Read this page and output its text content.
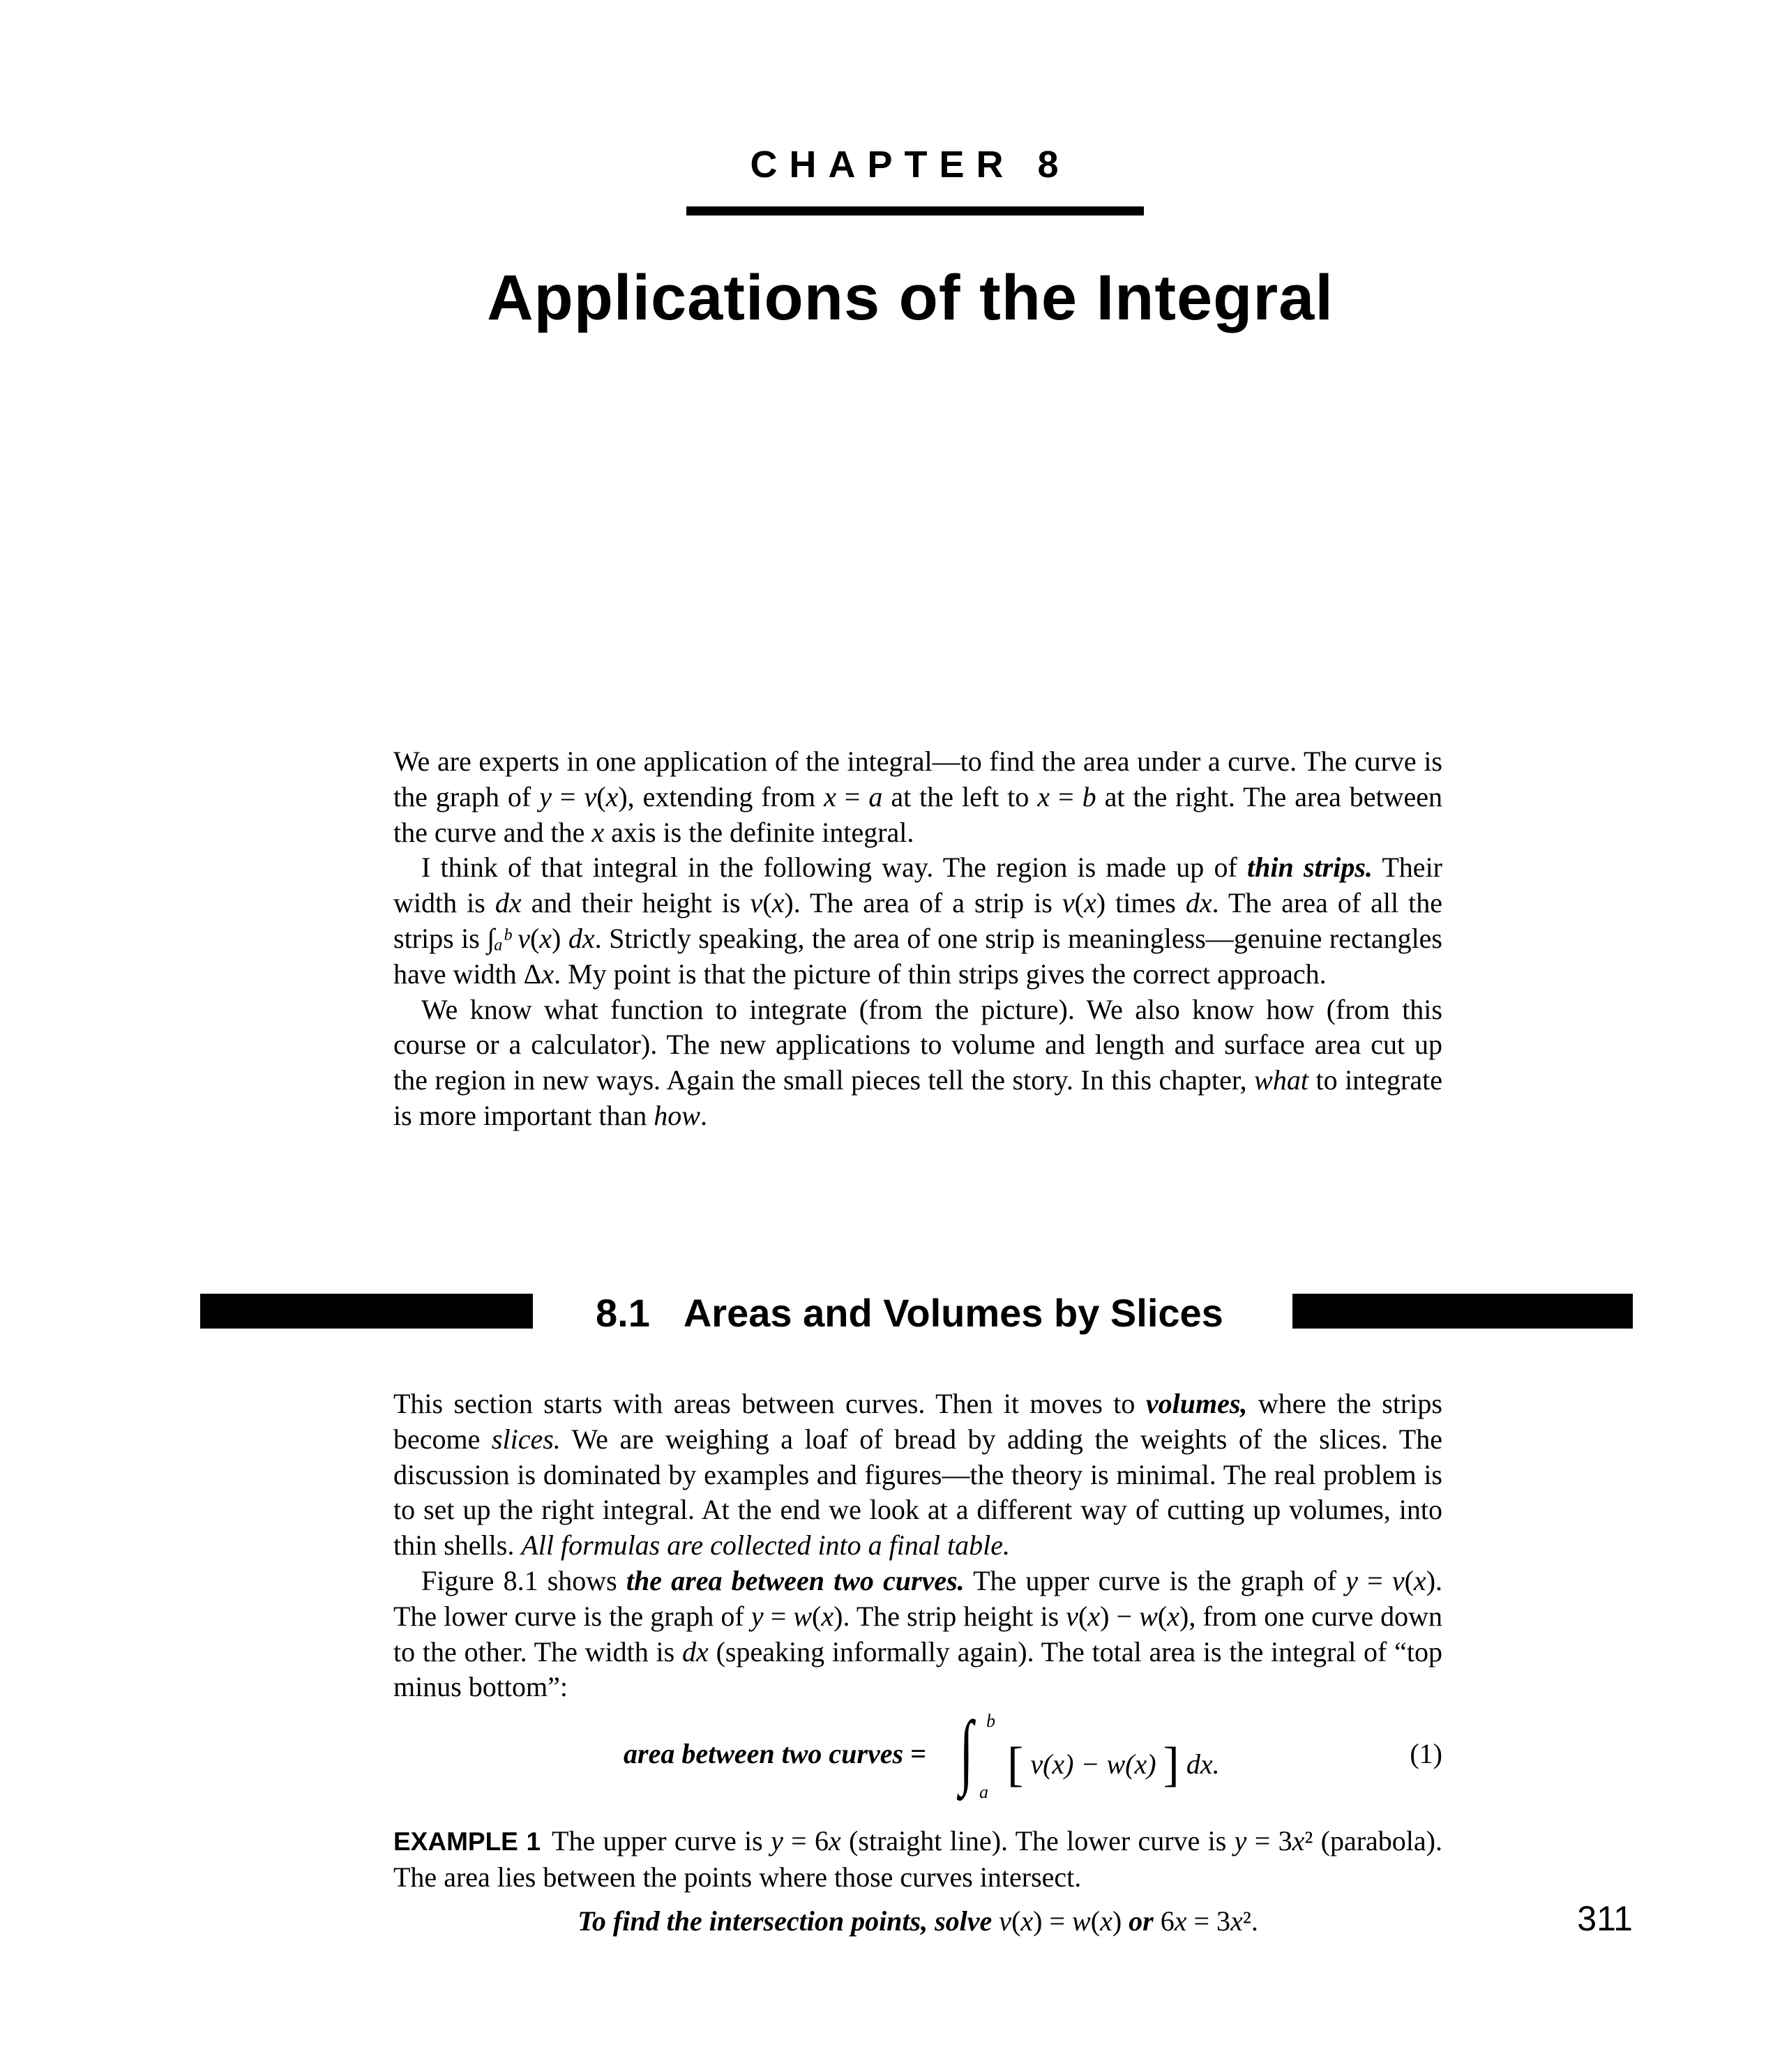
CHAPTER 8
Applications of the Integral

We are experts in one application of the integral—to find the area under a curve. The curve is the graph of y = v(x), extending from x = a at the left to x = b at the right. The area between the curve and the x axis is the definite integral.

I think of that integral in the following way. The region is made up of thin strips. Their width is dx and their height is v(x). The area of a strip is v(x) times dx. The area of all the strips is ∫ₐᵇ v(x) dx. Strictly speaking, the area of one strip is meaningless—genuine rectangles have width Δx. My point is that the picture of thin strips gives the correct approach.

We know what function to integrate (from the picture). We also know how (from this course or a calculator). The new applications to volume and length and surface area cut up the region in new ways. Again the small pieces tell the story. In this chapter, what to integrate is more important than how.

8.1 Areas and Volumes by Slices

This section starts with areas between curves. Then it moves to volumes, where the strips become slices. We are weighing a loaf of bread by adding the weights of the slices. The discussion is dominated by examples and figures—the theory is minimal. The real problem is to set up the right integral. At the end we look at a different way of cutting up volumes, into thin shells. All formulas are collected into a final table.

Figure 8.1 shows the area between two curves. The upper curve is the graph of y = v(x). The lower curve is the graph of y = w(x). The strip height is v(x) − w(x), from one curve down to the other. The width is dx (speaking informally again). The total area is the integral of “top minus bottom”:

area between two curves = ∫ b
a
[ v(x) − w(x) ] dx.	(1)

EXAMPLE 1 The upper curve is y = 6x (straight line). The lower curve is y = 3x² (parabola). The area lies between the points where those curves intersect.

To find the intersection points, solve v(x) = w(x) or 6x = 3x².	311
